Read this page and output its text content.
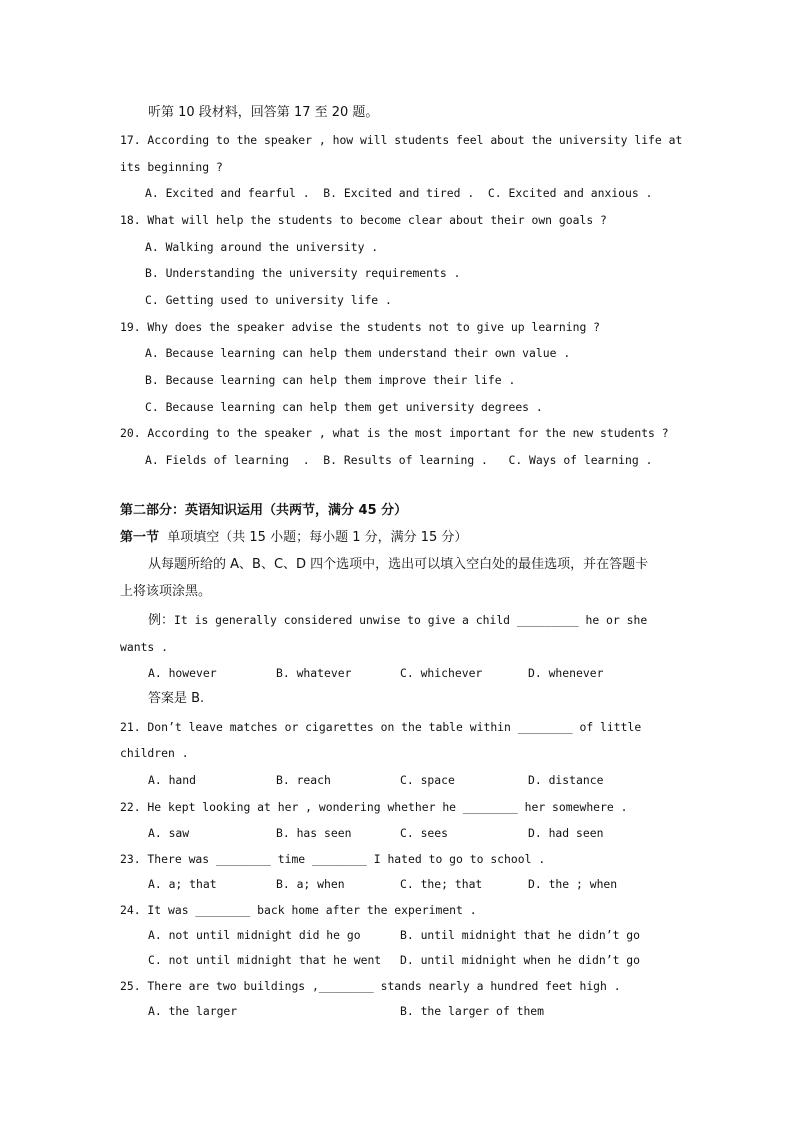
听第 10 段材料，回答第 17 至 20 题。
17. According to the speaker , how will students feel about the university life at
its beginning ?
A. Excited and fearful .  B. Excited and tired .  C. Excited and anxious .
18. What will help the students to become clear about their own goals ?
A. Walking around the university .
B. Understanding the university requirements .
C. Getting used to university life .
19. Why does the speaker advise the students not to give up learning ?
A. Because learning can help them understand their own value .
B. Because learning can help them improve their life .
C. Because learning can help them get university degrees .
20. According to the speaker , what is the most important for the new students ?
A. Fields of learning  .  B. Results of learning .   C. Ways of learning .
第二部分：英语知识运用（共两节，满分 45 分）
第一节  单项填空（共 15 小题；每小题 1 分，满分 15 分）
从每题所给的 A、B、C、D 四个选项中，选出可以填入空白处的最佳选项，并在答题卡
上将该项涂黑。
例：It is generally considered unwise to give a child _________ he or she
wants .
A. however	B. whatever	C. whichever	D. whenever
答案是 B.
21. Don’t leave matches or cigarettes on the table within ________ of little
children .
A. hand	B. reach	C. space	D. distance
22. He kept looking at her , wondering whether he ________ her somewhere .
A. saw	B. has seen	C. sees	D. had seen
23. There was ________ time ________ I hated to go to school .
A. a; that	B. a; when	C. the; that	D. the ; when
24. It was ________ back home after the experiment .
A. not until midnight did he go	B. until midnight that he didn’t go
C. not until midnight that he went D. until midnight when he didn’t go
25. There are two buildings ,________ stands nearly a hundred feet high .
A. the larger	B. the larger of them
